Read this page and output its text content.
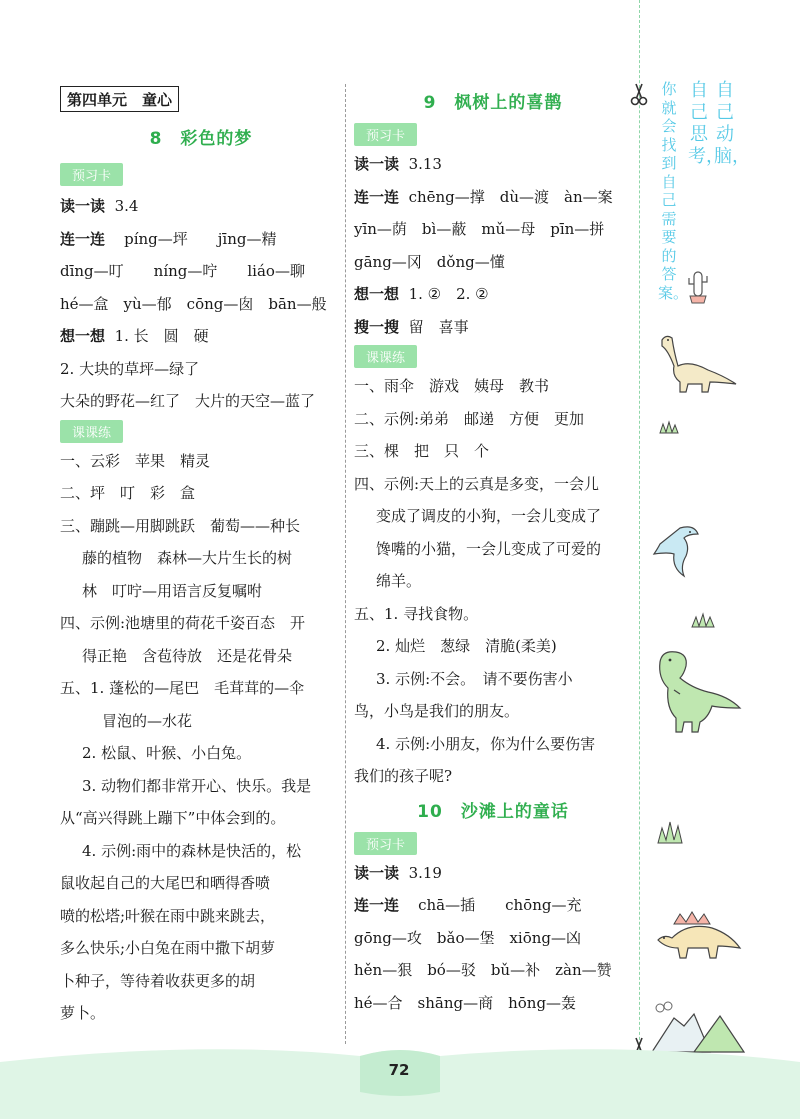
第四单元　童心
8　彩色的梦
预习卡
读一读 3.4
连一连 píng—坪　　jīng—精
dīng—叮　　níng—咛　　liáo—聊
hé—盒　yù—郁　cōng—囱　bān—般
想一想 1. 长　圆　硬
2. 大块的草坪—绿了
大朵的野花—红了　大片的天空—蓝了
课课练
一、云彩　苹果　精灵
二、坪　叮　彩　盒
三、蹦跳—用脚跳跃　葡萄——种长
藤的植物　森林—大片生长的树
林　叮咛—用语言反复嘱咐
四、示例:池塘里的荷花千姿百态　开
得正艳　含苞待放　还是花骨朵
五、1. 蓬松的—尾巴　毛茸茸的—伞
冒泡的—水花
2. 松鼠、叶猴、小白兔。
3. 动物们都非常开心、快乐。我是
从“高兴得跳上蹦下”中体会到的。
4. 示例:雨中的森林是快活的，松
鼠收起自己的大尾巴和晒得香喷
喷的松塔;叶猴在雨中跳来跳去，
多么快乐;小白兔在雨中撒下胡萝
卜种子，等待着收获更多的胡
萝卜。
9　枫树上的喜鹊
预习卡
读一读 3.13
连一连 chēng—撑　dù—渡　àn—案
yīn—荫　bì—蔽　mǔ—母　pīn—拼
gāng—冈　dǒng—懂
想一想 1. ②　2. ②
搜一搜 留　喜事
课课练
一、雨伞　游戏　姨母　教书
二、示例:弟弟　邮递　方便　更加
三、棵　把　只　个
四、示例:天上的云真是多变，一会儿
变成了调皮的小狗，一会儿变成了
馋嘴的小猫，一会儿变成了可爱的
绵羊。
五、1. 寻找食物。
2. 灿烂　葱绿　清脆(柔美)
3. 示例:不会。　请不要伤害小
鸟，小鸟是我们的朋友。
4. 示例:小朋友，你为什么要伤害
我们的孩子呢?
10　沙滩上的童话
预习卡
读一读 3.19
连一连 chā—插　　chōng—充
gōng—攻　bǎo—堡　xiōng—凶
hěn—狠　bó—驳　bǔ—补　zàn—赞
hé—合　shāng—商　hōng—轰
自己动脑，
自己思考，
你就会找到自己需要的答案。
72
